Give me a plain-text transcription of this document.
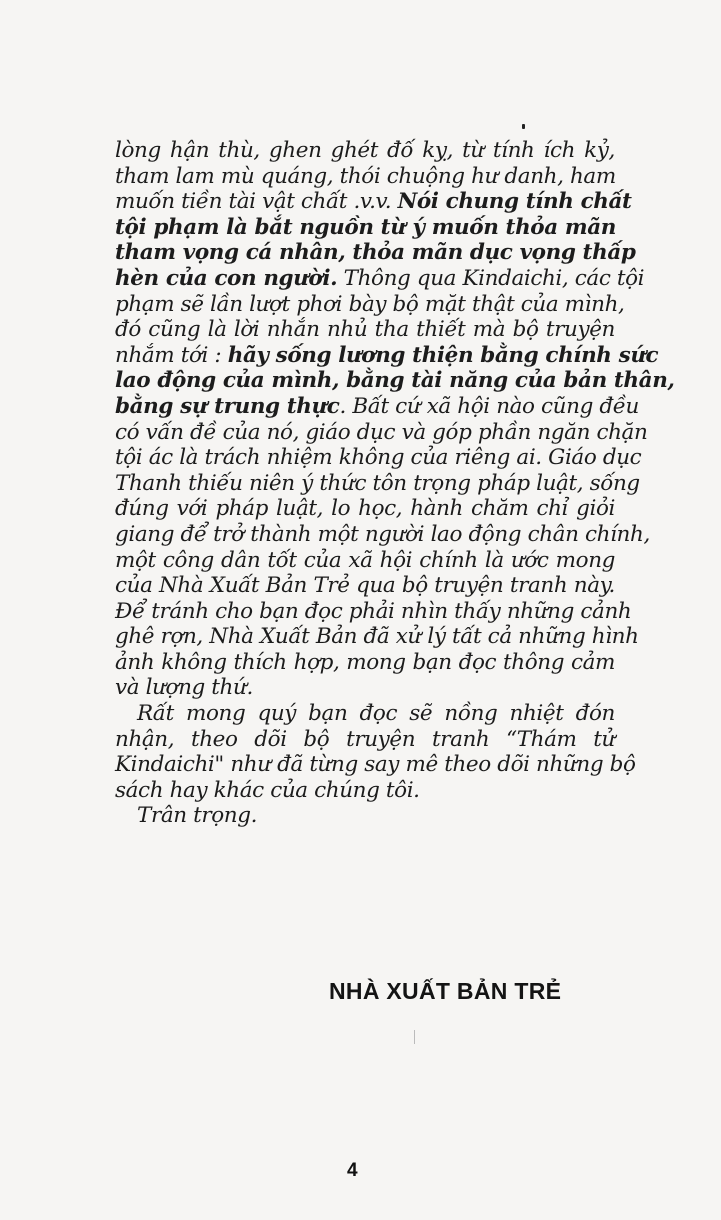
lòng hận thù, ghen ghét đố kỵ, từ tính ích kỷ,
tham lam mù quáng, thói chuộng hư danh, ham
muốn tiền tài vật chất .v.v. Nói chung tính chất
tội phạm là bắt nguồn từ ý muốn thỏa mãn
tham vọng cá nhân, thỏa mãn dục vọng thấp
hèn của con người. Thông qua Kindaichi, các tội
phạm sẽ lần lượt phơi bày bộ mặt thật của mình,
đó cũng là lời nhắn nhủ tha thiết mà bộ truyện
nhắm tới : hãy sống lương thiện bằng chính sức
lao động của mình, bằng tài năng của bản thân,
bằng sự trung thực. Bất cứ xã hội nào cũng đều
có vấn đề của nó, giáo dục và góp phần ngăn chặn
tội ác là trách nhiệm không của riêng ai. Giáo dục
Thanh thiếu niên ý thức tôn trọng pháp luật, sống
đúng với pháp luật, lo học, hành chăm chỉ giỏi
giang để trở thành một người lao động chân chính,
một công dân tốt của xã hội chính là ước mong
của Nhà Xuất Bản Trẻ qua bộ truyện tranh này.
Để tránh cho bạn đọc phải nhìn thấy những cảnh
ghê rợn, Nhà Xuất Bản đã xử lý tất cả những hình
ảnh không thích hợp, mong bạn đọc thông cảm
và lượng thứ.
Rất mong quý bạn đọc sẽ nồng nhiệt đón
nhận, theo dõi bộ truyện tranh “Thám tử
Kindaichi" như đã từng say mê theo dõi những bộ
sách hay khác của chúng tôi.
Trân trọng.
NHÀ XUẤT BẢN TRẺ
4
